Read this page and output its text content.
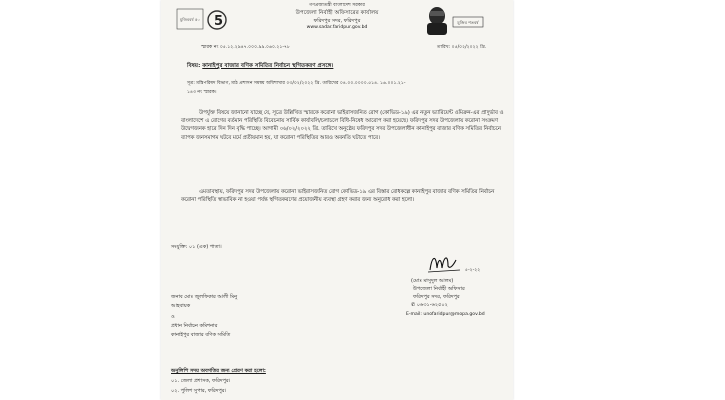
মুজিববর্ষ ৫০ 5
গণপ্রজাতন্ত্রী বাংলাদেশ সরকার
উপজেলা নির্বাহী অফিসারের কার্যালয়
ফরিদপুর সদর, ফরিদপুর
www.sadar.faridpur.gov.bd
মুজিব শতবর্ষ
স্মারক নং ০৫.১২.২৯৪৭.০০০.৯৯.০৬০.২১-৭৮	তারিখ: ০৫/০২/২০২২ খ্রি.
বিষয়: কানাইপুর বাজার বণিক সমিতির নির্বাচন স্থগিতকরণ প্রসঙ্গে।
সূত্র: মন্ত্রিপরিষদ বিভাগ, মাঠ প্রশাসন সমন্বয় অধিশাখার ০৩/০২/২০২২ খ্রি. তারিখের ০৪.০০.০০০০.৫১৪. ১৬.০০১.২১-
১৪৩ নং স্মারক।
উপর্যুক্ত বিষয়ে জানানো যাচ্ছে যে, সূত্রে উল্লিখিত স্মারকে করোনা ভাইরাসজনিত রোগ (কোভিড-১৯) এর নতুন ভ্যারিয়েন্ট ওমিক্রন-এর প্রাদুর্ভাব ও বাংলাদেশে এ রোগের বর্তমান পরিস্থিতি বিবেচনায় সার্বিক কার্যাবলি/চলাচলে বিধি-নিষেধ আরোপ করা হয়েছে। ফরিদপুর সদর উপজেলায় করোনা সংক্রমণ উদ্বেগজনক হারে দিন দিন বৃদ্ধি পাচ্ছে। আগামী ০৬/০২/২০২২ খ্রি. তারিখে অনুষ্ঠেয় ফরিদপুর সদর উপজেলাধীন কানাইপুর বাজার বণিক সমিতির নির্বাচনে ব্যাপক জনসমাগম ঘটবে মর্মে প্রতীয়মান হয়, যা করোনা পরিস্থিতির আরও অবনতি ঘটাতে পারে।
এমতাবস্থায়, ফরিদপুর সদর উপজেলায় করোনা ভাইরাসজনিত রোগ কোভিড-১৯ এর বিস্তার রোধকল্পে কানাইপুর বাজার বণিক সমিতির নির্বাচন করোনা পরিস্থিতি স্বাভাবিক না হওয়া পর্যন্ত স্থগিতকরণের প্রয়োজনীয় ব্যবস্থা গ্রহণ করার জন্য অনুরোধ করা হলো।
সংযুক্তি: ০১ (এক) পাতা।
৫-২-২২
(মোঃ মাসুদুল আলম)
উপজেলা নির্বাহী অফিসার
ফরিদপুর সদর, ফরিদপুর
✆ ০৬৩১-৬২৫০২
E-mail: unofaridpur@mopa.gov.bd
জনাব মোঃ জুলফিকার আলী মিনু
আহবায়ক
ও
প্রধান নির্বাচন কমিশনার
কানাইপুর বাজার বণিক সমিতি
অনুলিপি সদয় অবগতির জন্য প্রেরণ করা হলো:
০১. জেলা প্রশাসক, ফরিদপুর।
০২. পুলিশ সুপার, ফরিদপুর।
